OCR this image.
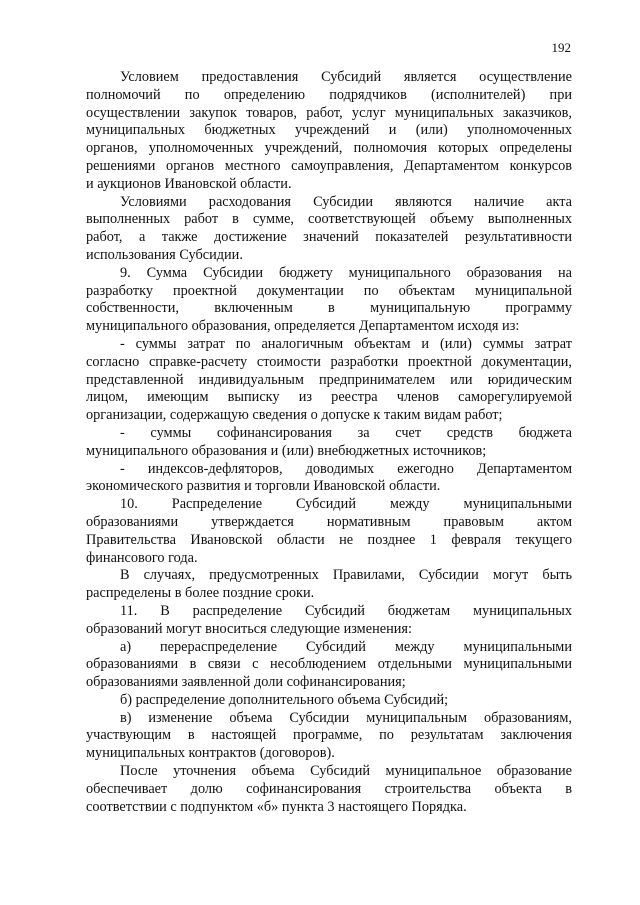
192
Условием предоставления Субсидий является осуществление
полномочий по определению подрядчиков (исполнителей) при
осуществлении закупок товаров, работ, услуг муниципальных заказчиков,
муниципальных бюджетных учреждений и (или) уполномоченных
органов, уполномоченных учреждений, полномочия которых определены
решениями органов местного самоуправления, Департаментом конкурсов
и аукционов Ивановской области.
Условиями расходования Субсидии являются наличие акта
выполненных работ в сумме, соответствующей объему выполненных
работ, а также достижение значений показателей результативности
использования Субсидии.
9. Сумма Субсидии бюджету муниципального образования на
разработку проектной документации по объектам муниципальной
собственности, включенным в муниципальную программу
муниципального образования, определяется Департаментом исходя из:
- суммы затрат по аналогичным объектам и (или) суммы затрат
согласно справке-расчету стоимости разработки проектной документации,
представленной индивидуальным предпринимателем или юридическим
лицом, имеющим выписку из реестра членов саморегулируемой
организации, содержащую сведения о допуске к таким видам работ;
- суммы софинансирования за счет средств бюджета
муниципального образования и (или) внебюджетных источников;
- индексов-дефляторов, доводимых ежегодно Департаментом
экономического развития и торговли Ивановской области.
10. Распределение Субсидий между муниципальными
образованиями утверждается нормативным правовым актом
Правительства Ивановской области не позднее 1 февраля текущего
финансового года.
В случаях, предусмотренных Правилами, Субсидии могут быть
распределены в более поздние сроки.
11. В распределение Субсидий бюджетам муниципальных
образований могут вноситься следующие изменения:
а) перераспределение Субсидий между муниципальными
образованиями в связи с несоблюдением отдельными муниципальными
образованиями заявленной доли софинансирования;
б) распределение дополнительного объема Субсидий;
в) изменение объема Субсидии муниципальным образованиям,
участвующим в настоящей программе, по результатам заключения
муниципальных контрактов (договоров).
После уточнения объема Субсидий муниципальное образование
обеспечивает долю софинансирования строительства объекта в
соответствии с подпунктом «б» пункта 3 настоящего Порядка.
